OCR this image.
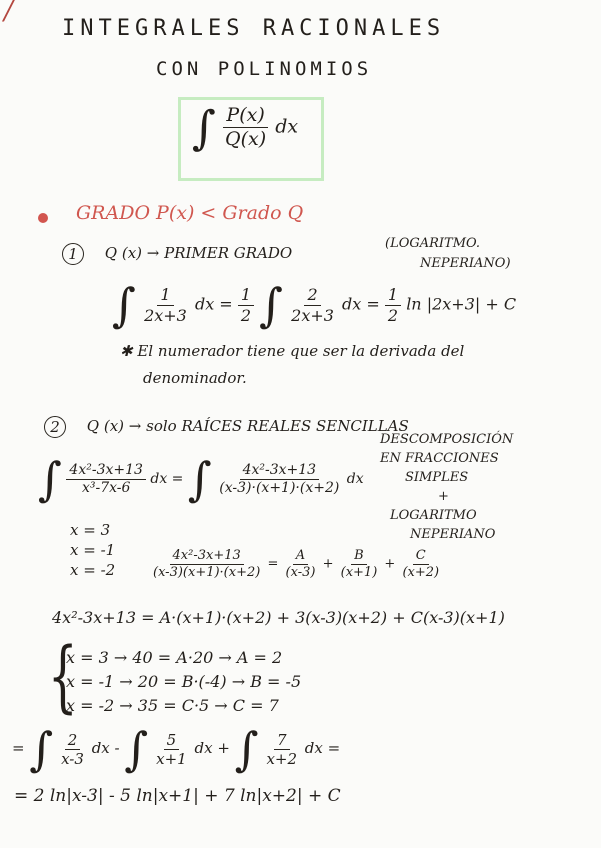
/
INTEGRALES RACIONALES
CON POLINOMIOS
∫ $\frac{P(x)}{Q(x)}$ dx
GRADO P(x) < Grado Q
1 Q (x) → PRIMER GRADO
(LOGARITMO.
NEPERIANO)
∫ $\frac{1}{2x+3}$ dx = $\frac{1}{2}$ ∫ $\frac{2}{2x+3}$ dx = $\frac{1}{2}$ ln |2x+3| + C
✱ El numerador tiene que ser la derivada del
denominador.
2 Q (x) → solo RAÍCES REALES SENCILLAS
DESCOMPOSICIÓN
EN FRACCIONES
SIMPLES
+
LOGARITMO
NEPERIANO
∫ $\frac{\text{4x²-3x+13}}{\text{x³-7x-6}}$ dx = ∫ $\frac{\text{4x²-3x+13}}{(x-3)\cdot(x+1)\cdot(x+2)}$ dx
x = 3
x = -1
x = -2	$\frac{\text{4x²-3x+13}}{(x-3)(x+1)\cdot(x+2)} = \frac{A}{(x-3)} + \frac{B}{(x+1)} + \frac{C}{(x+2)}$
4x²-3x+13 = A·(x+1)·(x+2) + 3(x-3)(x+2) + C(x-3)(x+1)
{
x = 3 → 40 = A·20 → A = 2
x = -1 → 20 = B·(-4) → B = -5
x = -2 → 35 = C·5 → C = 7
= ∫ $\frac{2}{x-3}$ dx - ∫ $\frac{5}{x+1}$ dx + ∫ $\frac{7}{x+2}$ dx =
= 2 ln|x-3| - 5 ln|x+1| + 7 ln|x+2| + C
